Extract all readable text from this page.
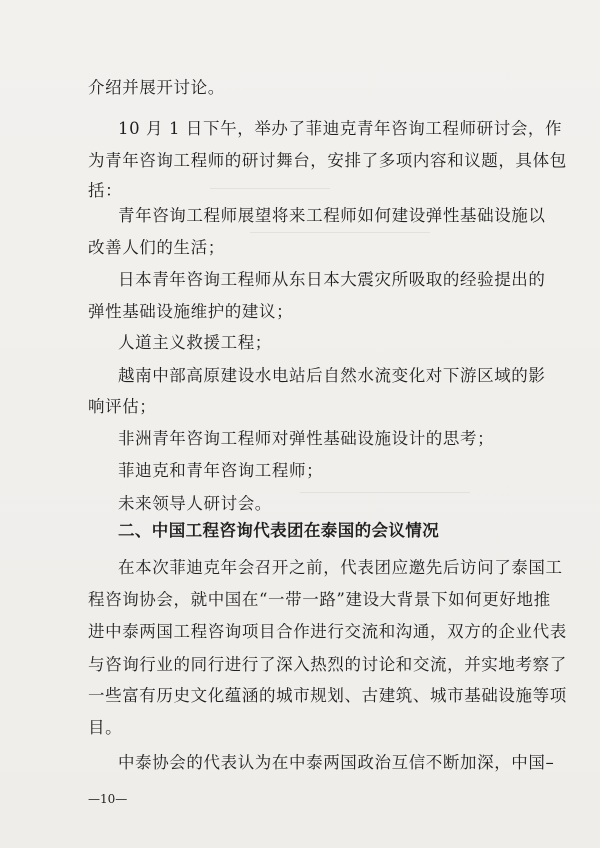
介绍并展开讨论。

10 月 1 日下午，举办了菲迪克青年咨询工程师研讨会，作

为青年咨询工程师的研讨舞台，安排了多项内容和议题，具体包

括：

青年咨询工程师展望将来工程师如何建设弹性基础设施以

改善人们的生活；

日本青年咨询工程师从东日本大震灾所吸取的经验提出的

弹性基础设施维护的建议；

人道主义救援工程；

越南中部高原建设水电站后自然水流变化对下游区域的影

响评估；

非洲青年咨询工程师对弹性基础设施设计的思考；

菲迪克和青年咨询工程师；

未来领导人研讨会。

二、中国工程咨询代表团在泰国的会议情况

在本次菲迪克年会召开之前，代表团应邀先后访问了泰国工

程咨询协会，就中国在“一带一路”建设大背景下如何更好地推

进中泰两国工程咨询项目合作进行交流和沟通，双方的企业代表

与咨询行业的同行进行了深入热烈的讨论和交流，并实地考察了

一些富有历史文化蕴涵的城市规划、古建筑、城市基础设施等项

目。

中泰协会的代表认为在中泰两国政治互信不断加深，中国–

—10—
